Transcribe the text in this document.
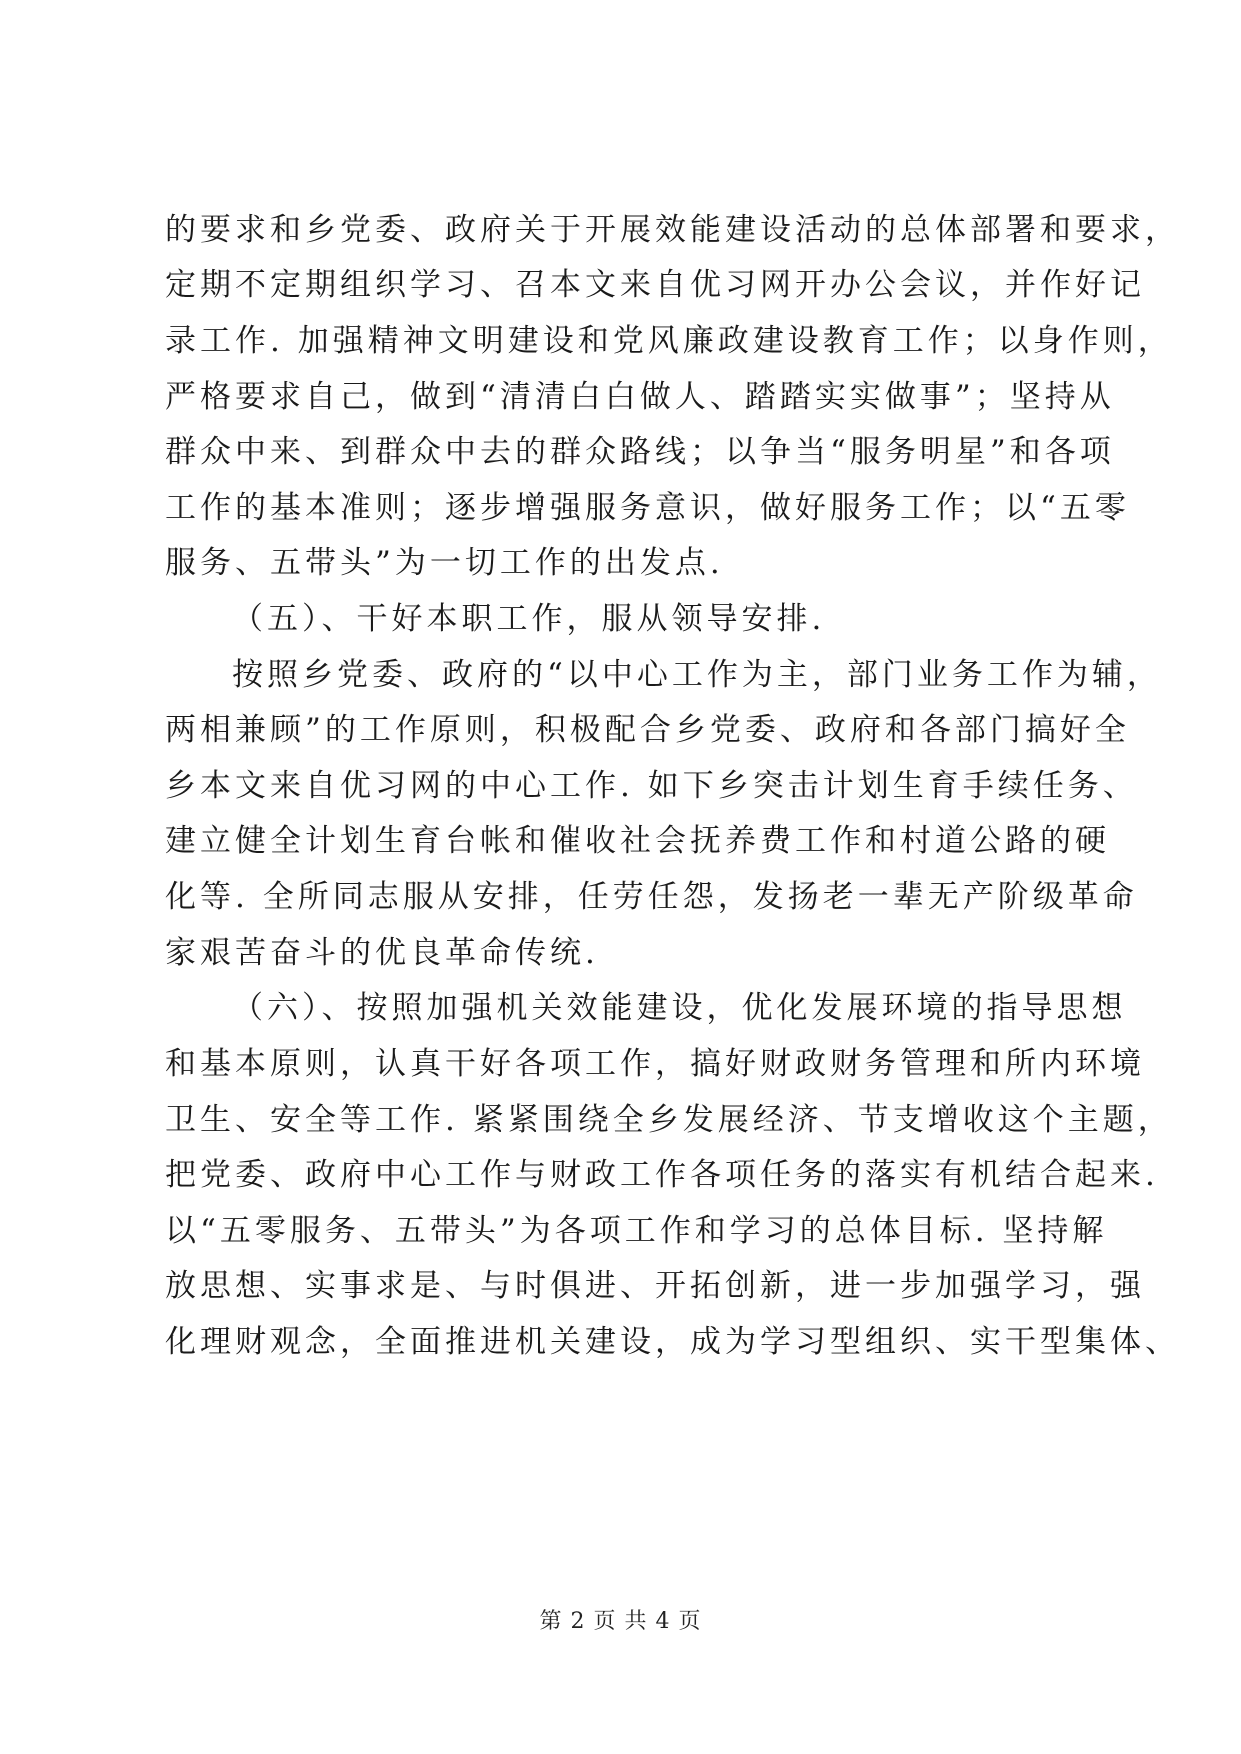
的要求和乡党委、政府关于开展效能建设活动的总体部署和要求，
定期不定期组织学习、召本文来自优习网开办公会议，并作好记
录工作. 加强精神文明建设和党风廉政建设教育工作；以身作则，
严格要求自己，做到“清清白白做人、踏踏实实做事”；坚持从
群众中来、到群众中去的群众路线；以争当“服务明星”和各项
工作的基本准则；逐步增强服务意识，做好服务工作；以“五零
服务、五带头”为一切工作的出发点.
（五）、干好本职工作，服从领导安排.
按照乡党委、政府的“以中心工作为主，部门业务工作为辅，
两相兼顾”的工作原则，积极配合乡党委、政府和各部门搞好全
乡本文来自优习网的中心工作. 如下乡突击计划生育手续任务、
建立健全计划生育台帐和催收社会抚养费工作和村道公路的硬
化等. 全所同志服从安排，任劳任怨，发扬老一辈无产阶级革命
家艰苦奋斗的优良革命传统.
（六）、按照加强机关效能建设，优化发展环境的指导思想
和基本原则，认真干好各项工作，搞好财政财务管理和所内环境
卫生、安全等工作. 紧紧围绕全乡发展经济、节支增收这个主题，
把党委、政府中心工作与财政工作各项任务的落实有机结合起来.
以“五零服务、五带头”为各项工作和学习的总体目标. 坚持解
放思想、实事求是、与时俱进、开拓创新，进一步加强学习，强
化理财观念，全面推进机关建设，成为学习型组织、实干型集体、
第 2 页 共 4 页
